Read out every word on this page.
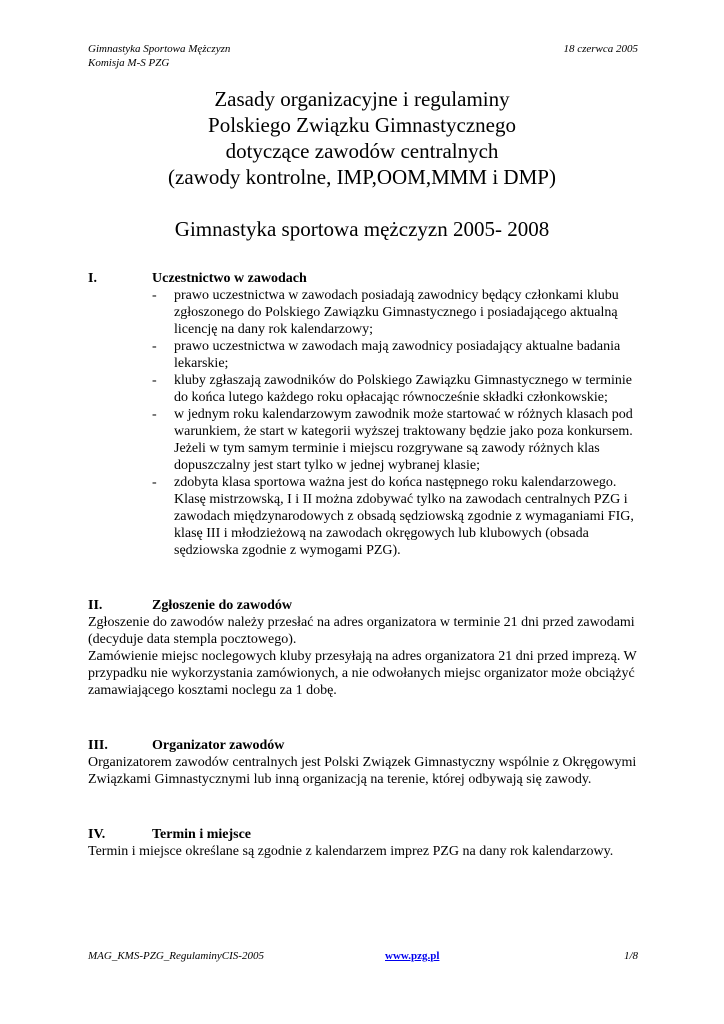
Gimnastyka Sportowa Mężczyzn
Komisja M-S PZG
18 czerwca 2005
Zasady organizacyjne i regulaminy
Polskiego Związku Gimnastycznego
dotyczące zawodów centralnych
(zawody kontrolne, IMP,OOM,MMM i DMP)
Gimnastyka sportowa mężczyzn 2005- 2008
I.	Uczestnictwo w zawodach
-	prawo uczestnictwa w zawodach posiadają zawodnicy będący członkami klubu zgłoszonego do Polskiego Zawiązku Gimnastycznego i posiadającego aktualną licencję na dany rok kalendarzowy;
-	prawo uczestnictwa w zawodach mają zawodnicy posiadający aktualne badania lekarskie;
-	kluby zgłaszają zawodników do Polskiego Zawiązku Gimnastycznego w terminie do końca lutego każdego roku opłacając równocześnie składki członkowskie;
-	w jednym roku kalendarzowym zawodnik może startować w różnych klasach pod warunkiem, że start w kategorii wyższej traktowany będzie jako poza konkursem. Jeżeli w tym samym terminie i miejscu rozgrywane są zawody różnych klas dopuszczalny jest start tylko w jednej wybranej klasie;
-	zdobyta klasa sportowa ważna jest do końca następnego roku kalendarzowego. Klasę mistrzowską, I i II można zdobywać tylko na zawodach centralnych PZG i zawodach międzynarodowych z obsadą sędziowską zgodnie z wymaganiami FIG, klasę III i młodzieżową na zawodach okręgowych lub klubowych (obsada sędziowska zgodnie z wymogami PZG).
II.	Zgłoszenie do zawodów
Zgłoszenie do zawodów należy przesłać na adres organizatora w terminie 21 dni przed zawodami (decyduje data stempla pocztowego).
Zamówienie miejsc noclegowych kluby przesyłają na adres organizatora 21 dni przed imprezą. W przypadku nie wykorzystania zamówionych, a nie odwołanych miejsc organizator może obciążyć zamawiającego kosztami noclegu za 1 dobę.
III.	Organizator zawodów
Organizatorem zawodów centralnych jest Polski Związek Gimnastyczny wspólnie z Okręgowymi Związkami Gimnastycznymi lub inną organizacją na terenie, której odbywają się zawody.
IV.	Termin i miejsce
Termin i miejsce określane są zgodnie z kalendarzem imprez PZG na dany rok kalendarzowy.
MAG_KMS-PZG_RegulaminyCIS-2005	www.pzg.pl	1/8
